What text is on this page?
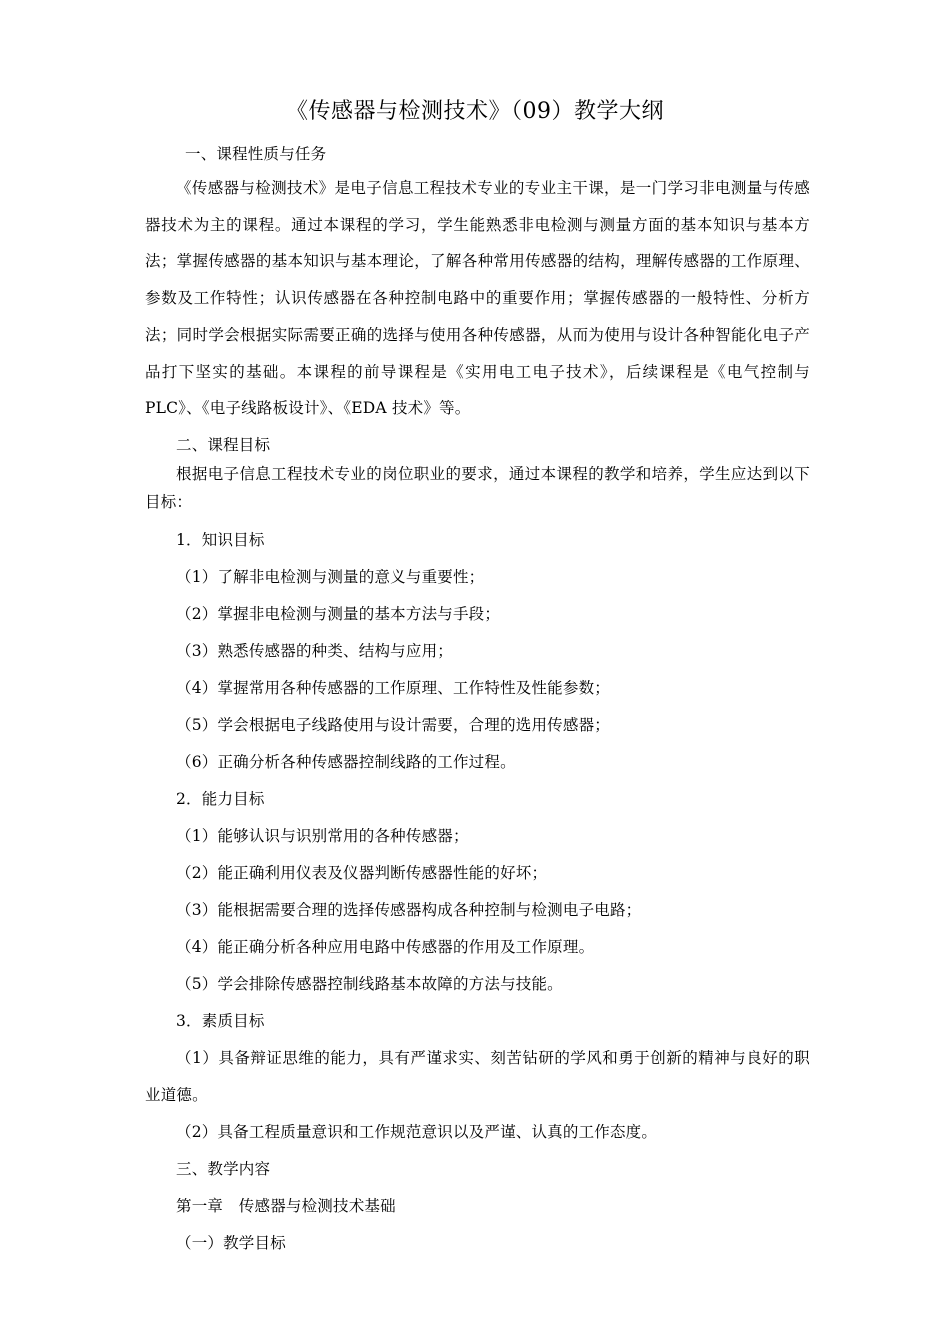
《传感器与检测技术》（09）教学大纲

一、课程性质与任务

《传感器与检测技术》是电子信息工程技术专业的专业主干课，是一门学习非电测量与传感器技术为主的课程。通过本课程的学习，学生能熟悉非电检测与测量方面的基本知识与基本方法；掌握传感器的基本知识与基本理论，了解各种常用传感器的结构，理解传感器的工作原理、参数及工作特性；认识传感器在各种控制电路中的重要作用；掌握传感器的一般特性、分析方法；同时学会根据实际需要正确的选择与使用各种传感器，从而为使用与设计各种智能化电子产品打下坚实的基础。本课程的前导课程是《实用电工电子技术》，后续课程是《电气控制与 PLC》、《电子线路板设计》、《EDA 技术》等。

二、课程目标

根据电子信息工程技术专业的岗位职业的要求，通过本课程的教学和培养，学生应达到以下目标：

1．知识目标

（1）了解非电检测与测量的意义与重要性；

（2）掌握非电检测与测量的基本方法与手段；

（3）熟悉传感器的种类、结构与应用；

（4）掌握常用各种传感器的工作原理、工作特性及性能参数；

（5）学会根据电子线路使用与设计需要，合理的选用传感器；

（6）正确分析各种传感器控制线路的工作过程。

2．能力目标

（1）能够认识与识别常用的各种传感器；

（2）能正确利用仪表及仪器判断传感器性能的好坏；

（3）能根据需要合理的选择传感器构成各种控制与检测电子电路；

（4）能正确分析各种应用电路中传感器的作用及工作原理。

（5）学会排除传感器控制线路基本故障的方法与技能。

3．素质目标

（1）具备辩证思维的能力，具有严谨求实、刻苦钻研的学风和勇于创新的精神与良好的职业道德。

（2）具备工程质量意识和工作规范意识以及严谨、认真的工作态度。

三、教学内容

第一章　传感器与检测技术基础

（一）教学目标
